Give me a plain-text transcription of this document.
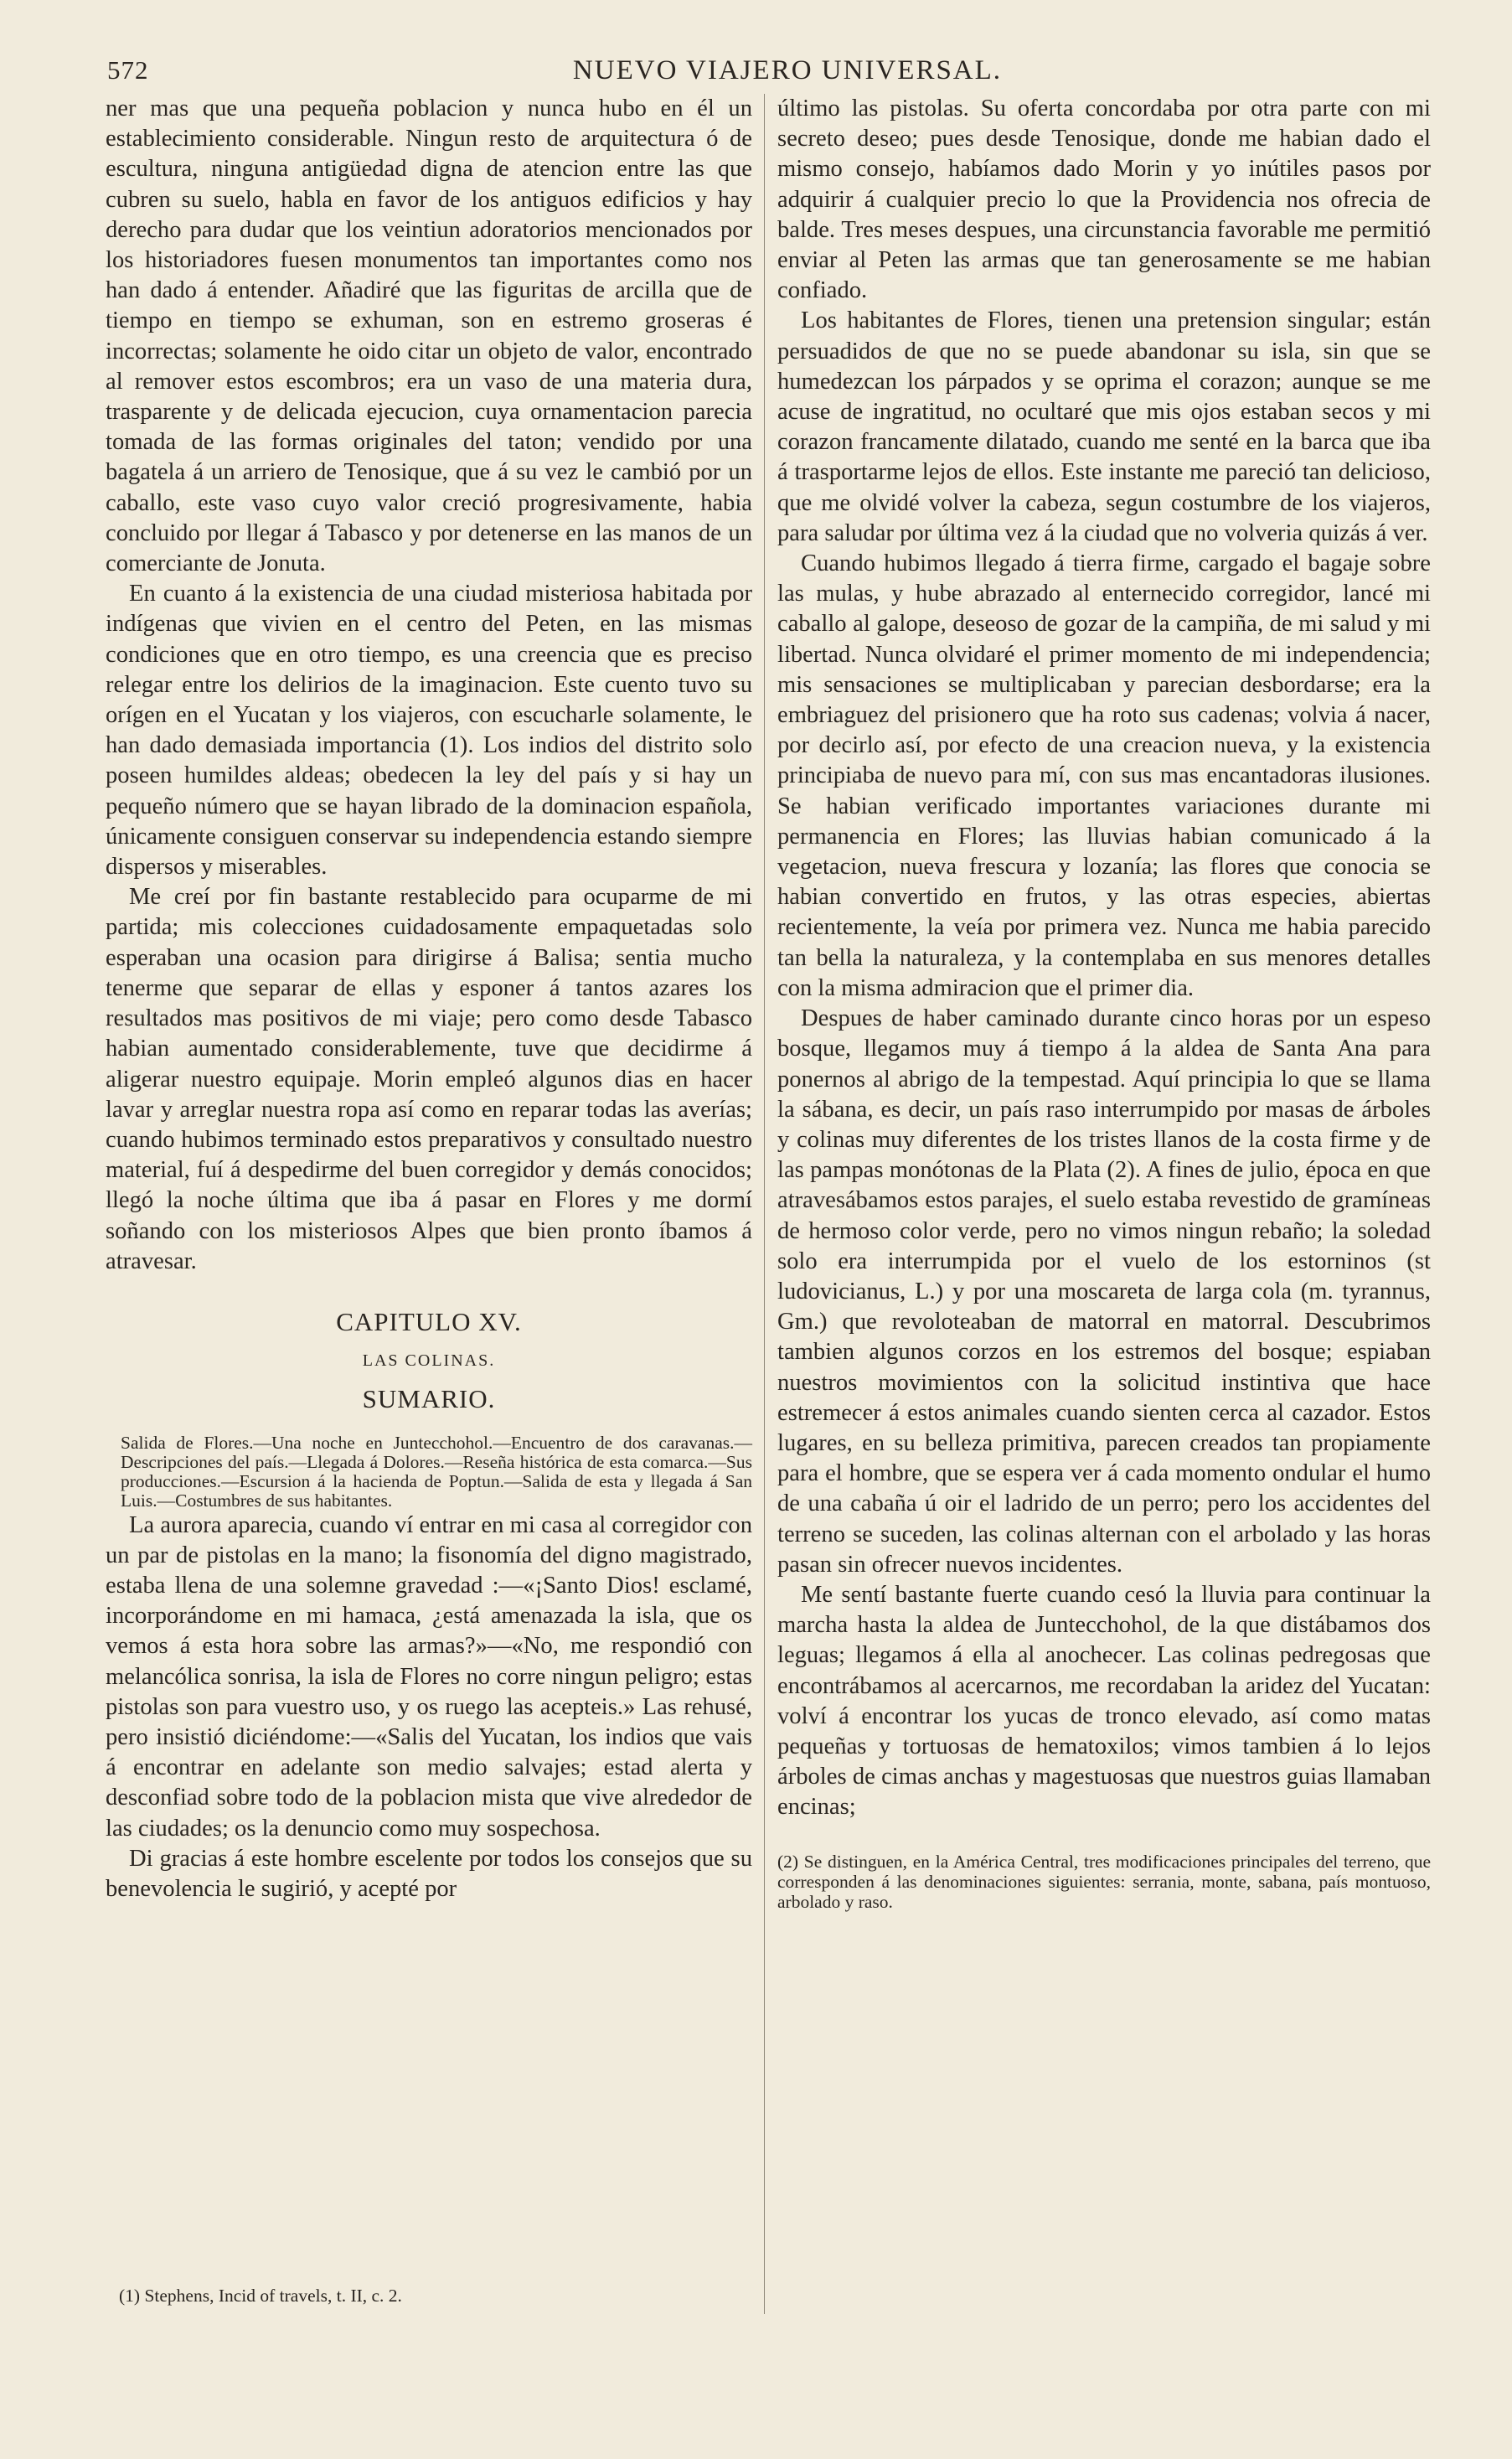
572	NUEVO VIAJERO UNIVERSAL.

ner mas que una pequeña poblacion y nunca hubo en él un establecimiento considerable. Ningun resto de arquitectura ó de escultura, ninguna antigüedad digna de atencion entre las que cubren su suelo, habla en favor de los antiguos edificios y hay derecho para dudar que los veintiun adoratorios mencionados por los historiadores fuesen monumentos tan importantes como nos han dado á entender. Añadiré que las figuritas de arcilla que de tiempo en tiempo se exhuman, son en estremo groseras é incorrectas; solamente he oido citar un objeto de valor, encontrado al remover estos escombros; era un vaso de una materia dura, trasparente y de delicada ejecucion, cuya ornamentacion parecia tomada de las formas originales del taton; vendido por una bagatela á un arriero de Tenosique, que á su vez le cambió por un caballo, este vaso cuyo valor creció progresivamente, habia concluido por llegar á Tabasco y por detenerse en las manos de un comerciante de Jonuta.

En cuanto á la existencia de una ciudad misteriosa habitada por indígenas que vivien en el centro del Peten, en las mismas condiciones que en otro tiempo, es una creencia que es preciso relegar entre los delirios de la imaginacion. Este cuento tuvo su orígen en el Yucatan y los viajeros, con escucharle solamente, le han dado demasiada importancia (1). Los indios del distrito solo poseen humildes aldeas; obedecen la ley del país y si hay un pequeño número que se hayan librado de la dominacion española, únicamente consiguen conservar su independencia estando siempre dispersos y miserables.

Me creí por fin bastante restablecido para ocuparme de mi partida; mis colecciones cuidadosamente empaquetadas solo esperaban una ocasion para dirigirse á Balisa; sentia mucho tenerme que separar de ellas y esponer á tantos azares los resultados mas positivos de mi viaje; pero como desde Tabasco habian aumentado considerablemente, tuve que decidirme á aligerar nuestro equipaje. Morin empleó algunos dias en hacer lavar y arreglar nuestra ropa así como en reparar todas las averías; cuando hubimos terminado estos preparativos y consultado nuestro material, fuí á despedirme del buen corregidor y demás conocidos; llegó la noche última que iba á pasar en Flores y me dormí soñando con los misteriosos Alpes que bien pronto íbamos á atravesar.

CAPITULO XV.
LAS COLINAS.
SUMARIO.

Salida de Flores.—Una noche en Juntecchohol.—Encuentro de dos caravanas.—Descripciones del país.—Llegada á Dolores.—Reseña histórica de esta comarca.—Sus producciones.—Escursion á la hacienda de Poptun.—Salida de esta y llegada á San Luis.—Costumbres de sus habitantes.

La aurora aparecia, cuando ví entrar en mi casa al corregidor con un par de pistolas en la mano; la fisonomía del digno magistrado, estaba llena de una solemne gravedad :—«¡Santo Dios! esclamé, incorporándome en mi hamaca, ¿está amenazada la isla, que os vemos á esta hora sobre las armas?»—«No, me respondió con melancólica sonrisa, la isla de Flores no corre ningun peligro; estas pistolas son para vuestro uso, y os ruego las acepteis.» Las rehusé, pero insistió diciéndome:—«Salis del Yucatan, los indios que vais á encontrar en adelante son medio salvajes; estad alerta y desconfiad sobre todo de la poblacion mista que vive alrededor de las ciudades; os la denuncio como muy sospechosa.

Di gracias á este hombre escelente por todos los consejos que su benevolencia le sugirió, y acepté por

(1) Stephens, Incid of travels, t. II, c. 2.

último las pistolas. Su oferta concordaba por otra parte con mi secreto deseo; pues desde Tenosique, donde me habian dado el mismo consejo, habíamos dado Morin y yo inútiles pasos por adquirir á cualquier precio lo que la Providencia nos ofrecia de balde. Tres meses despues, una circunstancia favorable me permitió enviar al Peten las armas que tan generosamente se me habian confiado.

Los habitantes de Flores, tienen una pretension singular; están persuadidos de que no se puede abandonar su isla, sin que se humedezcan los párpados y se oprima el corazon; aunque se me acuse de ingratitud, no ocultaré que mis ojos estaban secos y mi corazon francamente dilatado, cuando me senté en la barca que iba á trasportarme lejos de ellos. Este instante me pareció tan delicioso, que me olvidé volver la cabeza, segun costumbre de los viajeros, para saludar por última vez á la ciudad que no volveria quizás á ver.

Cuando hubimos llegado á tierra firme, cargado el bagaje sobre las mulas, y hube abrazado al enternecido corregidor, lancé mi caballo al galope, deseoso de gozar de la campiña, de mi salud y mi libertad. Nunca olvidaré el primer momento de mi independencia; mis sensaciones se multiplicaban y parecian desbordarse; era la embriaguez del prisionero que ha roto sus cadenas; volvia á nacer, por decirlo así, por efecto de una creacion nueva, y la existencia principiaba de nuevo para mí, con sus mas encantadoras ilusiones. Se habian verificado importantes variaciones durante mi permanencia en Flores; las lluvias habian comunicado á la vegetacion, nueva frescura y lozanía; las flores que conocia se habian convertido en frutos, y las otras especies, abiertas recientemente, la veía por primera vez. Nunca me habia parecido tan bella la naturaleza, y la contemplaba en sus menores detalles con la misma admiracion que el primer dia.

Despues de haber caminado durante cinco horas por un espeso bosque, llegamos muy á tiempo á la aldea de Santa Ana para ponernos al abrigo de la tempestad. Aquí principia lo que se llama la sábana, es decir, un país raso interrumpido por masas de árboles y colinas muy diferentes de los tristes llanos de la costa firme y de las pampas monótonas de la Plata (2). A fines de julio, época en que atravesábamos estos parajes, el suelo estaba revestido de gramíneas de hermoso color verde, pero no vimos ningun rebaño; la soledad solo era interrumpida por el vuelo de los estorninos (st ludovicianus, L.) y por una moscareta de larga cola (m. tyrannus, Gm.) que revoloteaban de matorral en matorral. Descubrimos tambien algunos corzos en los estremos del bosque; espiaban nuestros movimientos con la solicitud instintiva que hace estremecer á estos animales cuando sienten cerca al cazador. Estos lugares, en su belleza primitiva, parecen creados tan propiamente para el hombre, que se espera ver á cada momento ondular el humo de una cabaña ú oir el ladrido de un perro; pero los accidentes del terreno se suceden, las colinas alternan con el arbolado y las horas pasan sin ofrecer nuevos incidentes.

Me sentí bastante fuerte cuando cesó la lluvia para continuar la marcha hasta la aldea de Juntecchohol, de la que distábamos dos leguas; llegamos á ella al anochecer. Las colinas pedregosas que encontrábamos al acercarnos, me recordaban la aridez del Yucatan: volví á encontrar los yucas de tronco elevado, así como matas pequeñas y tortuosas de hematoxilos; vimos tambien á lo lejos árboles de cimas anchas y magestuosas que nuestros guias llamaban encinas;

(2) Se distinguen, en la América Central, tres modificaciones principales del terreno, que corresponden á las denominaciones siguientes: serrania, monte, sabana, país montuoso, arbolado y raso.
